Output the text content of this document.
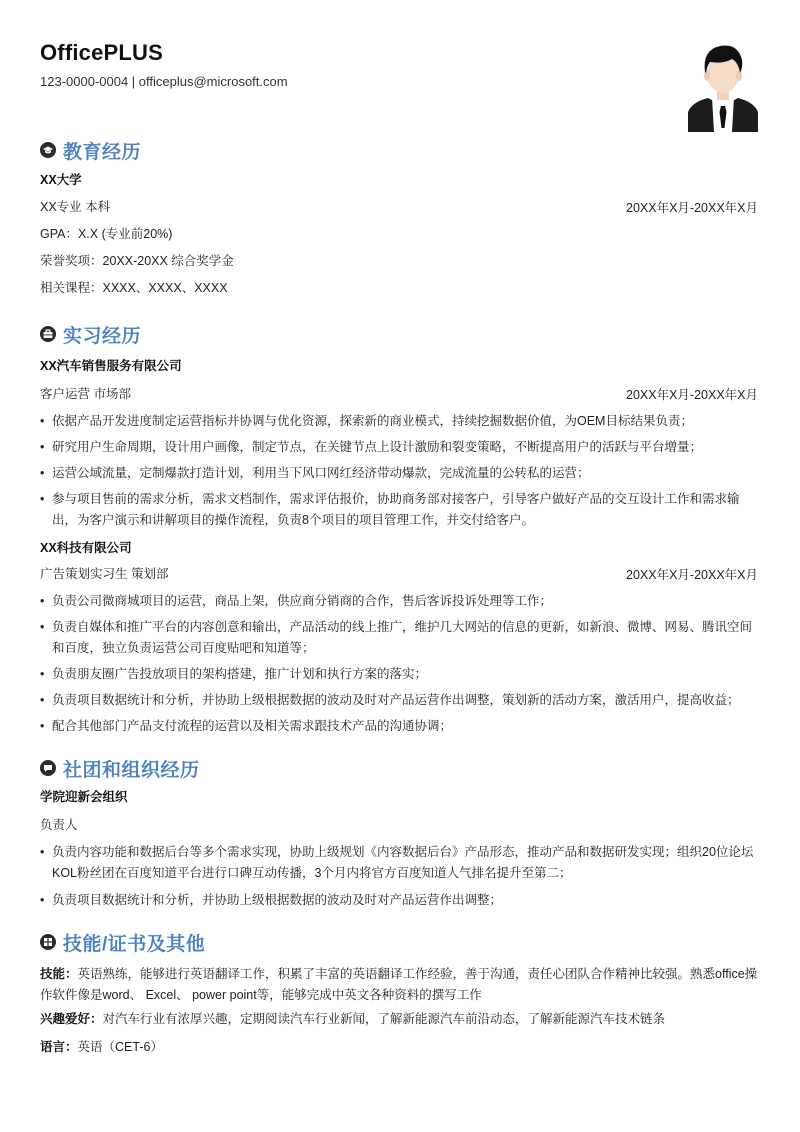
OfficePLUS
123-0000-0004 | officeplus@microsoft.com
教育经历
XX大学
XX专业 本科	20XX年X月-20XX年X月
GPA：X.X (专业前20%)
荣誉奖项：20XX-20XX 综合奖学金
相关课程：XXXX、XXXX、XXXX
实习经历
XX汽车销售服务有限公司
客户运营 市场部	20XX年X月-20XX年X月
• 依据产品开发进度制定运营指标并协调与优化资源，探索新的商业模式，持续挖掘数据价值，为OEM目标结果负责；
• 研究用户生命周期，设计用户画像，制定节点，在关键节点上设计激励和裂变策略，不断提高用户的活跃与平台增量；
• 运营公域流量，定制爆款打造计划，利用当下风口网红经济带动爆款，完成流量的公转私的运营；
• 参与项目售前的需求分析，需求文档制作，需求评估报价，协助商务部对接客户，引导客户做好产品的交互设计工作和需求输出，为客户演示和讲解项目的操作流程，负责8个项目的项目管理工作，并交付给客户。
XX科技有限公司
广告策划实习生 策划部	20XX年X月-20XX年X月
• 负责公司微商城项目的运营，商品上架，供应商分销商的合作，售后客诉投诉处理等工作；
• 负责自媒体和推广平台的内容创意和输出，产品活动的线上推广，维护几大网站的信息的更新，如新浪、微博、网易、腾讯空间和百度，独立负责运营公司百度贴吧和知道等；
• 负责朋友圈广告投放项目的架构搭建，推广计划和执行方案的落实；
• 负责项目数据统计和分析，并协助上级根据数据的波动及时对产品运营作出调整，策划新的活动方案，激活用户，提高收益；
• 配合其他部门产品支付流程的运营以及相关需求跟技术产品的沟通协调；
社团和组织经历
学院迎新会组织
负责人
• 负责内容功能和数据后台等多个需求实现，协助上级规划《内容数据后台》产品形态，推动产品和数据研发实现；组织20位论坛KOL粉丝团在百度知道平台进行口碑互动传播，3个月内将官方百度知道人气排名提升至第二；
• 负责项目数据统计和分析，并协助上级根据数据的波动及时对产品运营作出调整；
技能/证书及其他
技能：英语熟练，能够进行英语翻译工作，积累了丰富的英语翻译工作经验，善于沟通，责任心团队合作精神比较强。熟悉office操作软件像是word、 Excel、 power point等，能够完成中英文各种资料的撰写工作
兴趣爱好：对汽车行业有浓厚兴趣，定期阅读汽车行业新闻，了解新能源汽车前沿动态，了解新能源汽车技术链条
语言：英语（CET-6）
